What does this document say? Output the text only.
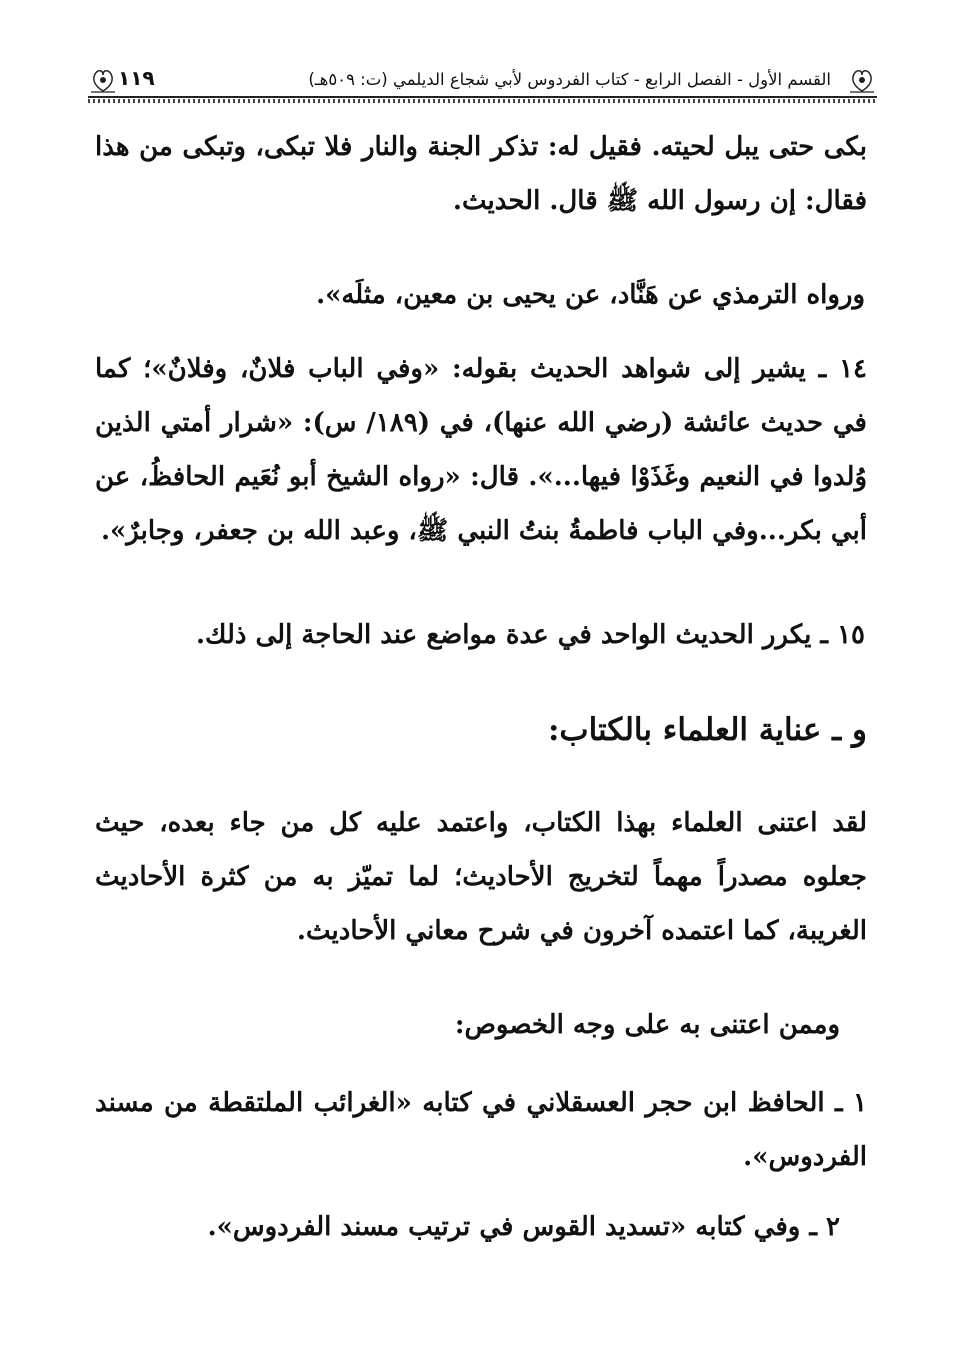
القسم الأول - الفصل الرابع - كتاب الفردوس لأبي شجاع الديلمي (ت: ٥٠٩هـ)
١١٩

بكى حتى يبل لحيته. فقيل له: تذكر الجنة والنار فلا تبكى، وتبكى من هذا فقال: إن رسول الله ﷺ قال. الحديث.

ورواه الترمذي عن هَنَّاد، عن يحيى بن معين، مثلَه».

١٤ ـ يشير إلى شواهد الحديث بقوله: «وفي الباب فلانٌ، وفلانٌ»؛ كما في حديث عائشة (رضي الله عنها)، في (١٨٩/ س): «شرار أمتي الذين وُلدوا في النعيم وغَذَوْا فيها...». قال: «رواه الشيخ أبو نُعَيم الحافظُ، عن أبي بكر...وفي الباب فاطمةُ بنتُ النبي ﷺ، وعبد الله بن جعفر، وجابرٌ».

١٥ ـ يكرر الحديث الواحد في عدة مواضع عند الحاجة إلى ذلك.

و ـ عناية العلماء بالكتاب:

لقد اعتنى العلماء بهذا الكتاب، واعتمد عليه كل من جاء بعده، حيث جعلوه مصدراً مهماً لتخريج الأحاديث؛ لما تميّز به من كثرة الأحاديث الغريبة، كما اعتمده آخرون في شرح معاني الأحاديث.

وممن اعتنى به على وجه الخصوص:

١ ـ الحافظ ابن حجر العسقلاني في كتابه «الغرائب الملتقطة من مسند الفردوس».

٢ ـ وفي كتابه «تسديد القوس في ترتيب مسند الفردوس».
